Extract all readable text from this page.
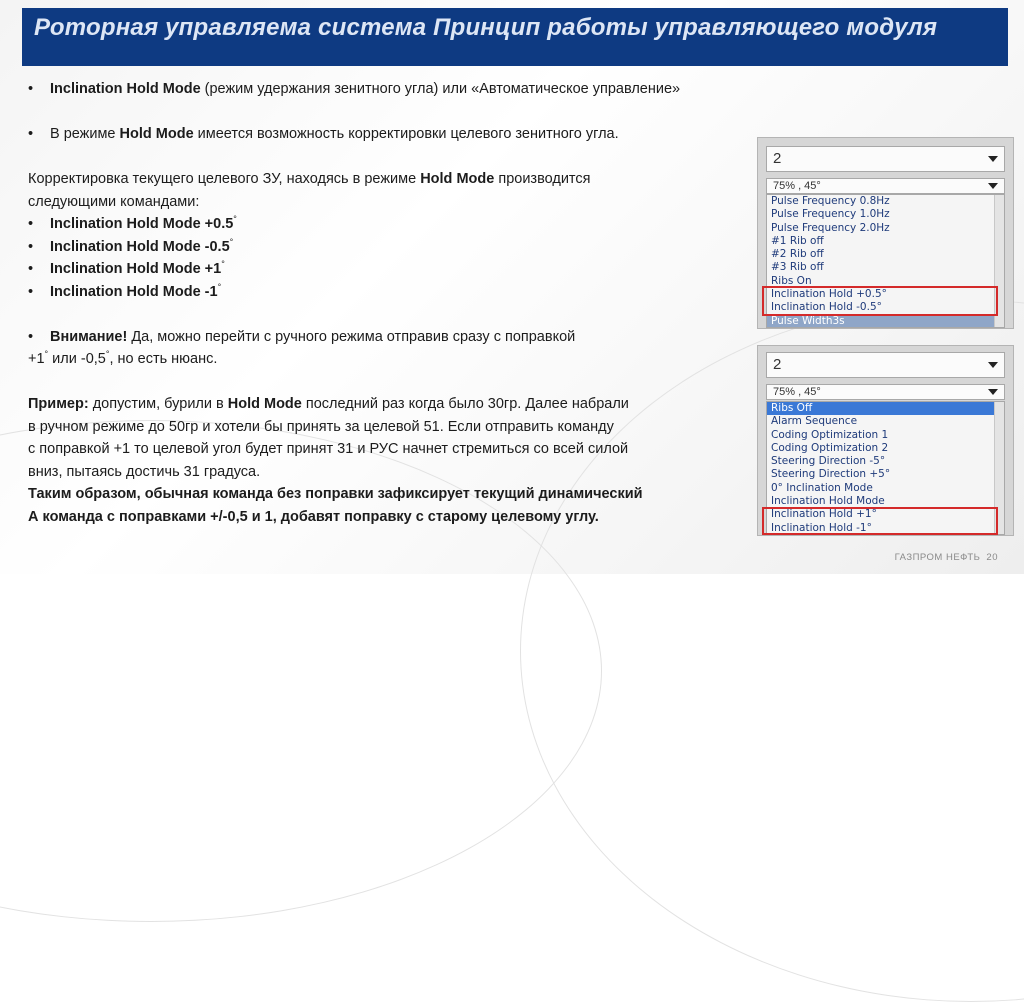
Роторная управляема система Принцип работы управляющего модуля
• Inclination Hold Mode (режим удержания зенитного угла) или «Автоматическое управление»
• В режиме Hold Mode имеется возможность корректировки целевого зенитного угла.
Корректировка текущего целевого ЗУ, находясь в режиме Hold Mode производится
следующими командами:
• Inclination Hold Mode +0.5°
• Inclination Hold Mode -0.5°
• Inclination Hold Mode +1°
• Inclination Hold Mode -1°
• Внимание! Да, можно перейти с ручного режима отправив сразу с поправкой
+1° или -0,5°, но есть нюанс.
Пример: допустим, бурили в Hold Mode последний раз когда было 30гр. Далее набрали
в ручном режиме до 50гр и хотели бы принять за целевой 51. Если отправить команду
с поправкой +1 то целевой угол будет принят 31 и РУС начнет стремиться со всей силой
вниз, пытаясь достичь 31 градуса.
Таким образом, обычная команда без поправки зафиксирует текущий динамический
А команда с поправками +/-0,5 и 1, добавят поправку с старому целевому углу.
2
75% , 45°
Pulse Frequency 0.8Hz
Pulse Frequency 1.0Hz
Pulse Frequency 2.0Hz
#1 Rib off
#2 Rib off
#3 Rib off
Ribs On
Inclination Hold +0.5°
Inclination Hold -0.5°
Pulse Width3s
2
75% , 45°
Ribs Off
Alarm Sequence
Coding Optimization 1
Coding Optimization 2
Steering Direction -5°
Steering Direction +5°
0° Inclination Mode
Inclination Hold Mode
Inclination Hold +1°
Inclination Hold -1°
ГАЗПРОМ НЕФТЬ 20
